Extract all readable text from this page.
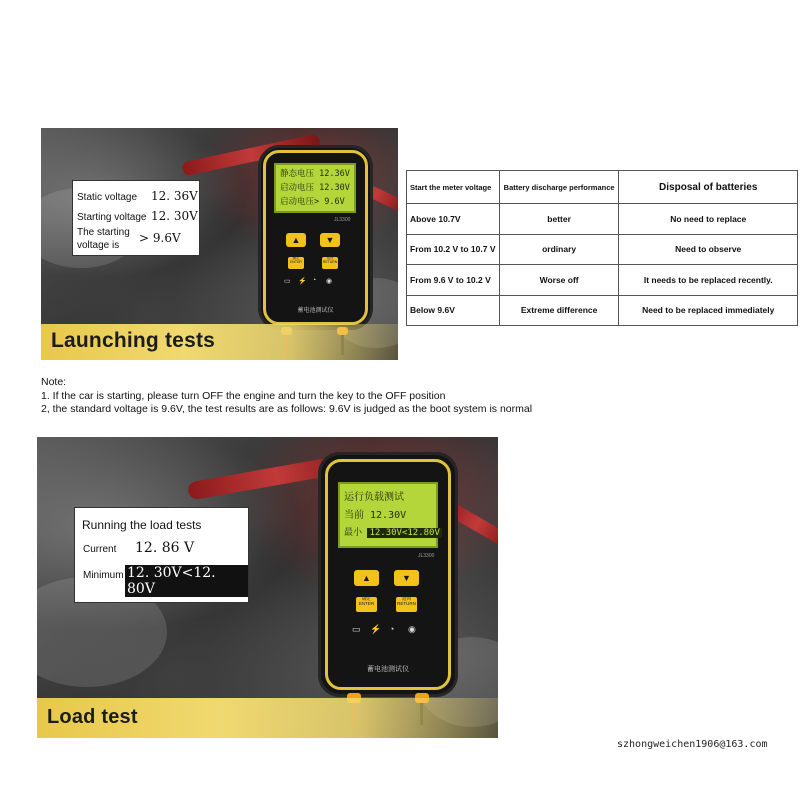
Static voltage 12. 36V
Starting voltage 12. 30V
The starting
voltage is
> 9.6V
静态电压 12.36V
启动电压 12.30V
启动电压> 9.6V
JL3300
▲	▼
确定
ENTER
返回
RETURN
▭ ⚡ ◔ ◉
蓄电池测试仪
Launching tests
Start the meter voltage	Battery discharge performance	Disposal of batteries
Above 10.7V	better	No need to replace
From 10.2 V to 10.7 V	ordinary	Need to observe
From 9.6 V to 10.2 V	Worse off	It needs to be replaced recently.
Below 9.6V	Extreme difference	Need to be replaced immediately
Note:
1. If the car is starting, please turn OFF the engine and turn the key to the OFF position
2, the standard voltage is 9.6V, the test results are as follows: 9.6V is judged as the boot system is normal
Running the load tests
Current 12. 86 V
Minimum 12. 30V<12. 80V
运行负载测试
当前 12.30V
最小 12.30V<12.80V
JL3300
▲	▼
确定
ENTER
返回
RETURN
▭ ⚡ ◔ ◉
蓄电池测试仪
Load test
szhongweichen1906@163.com
